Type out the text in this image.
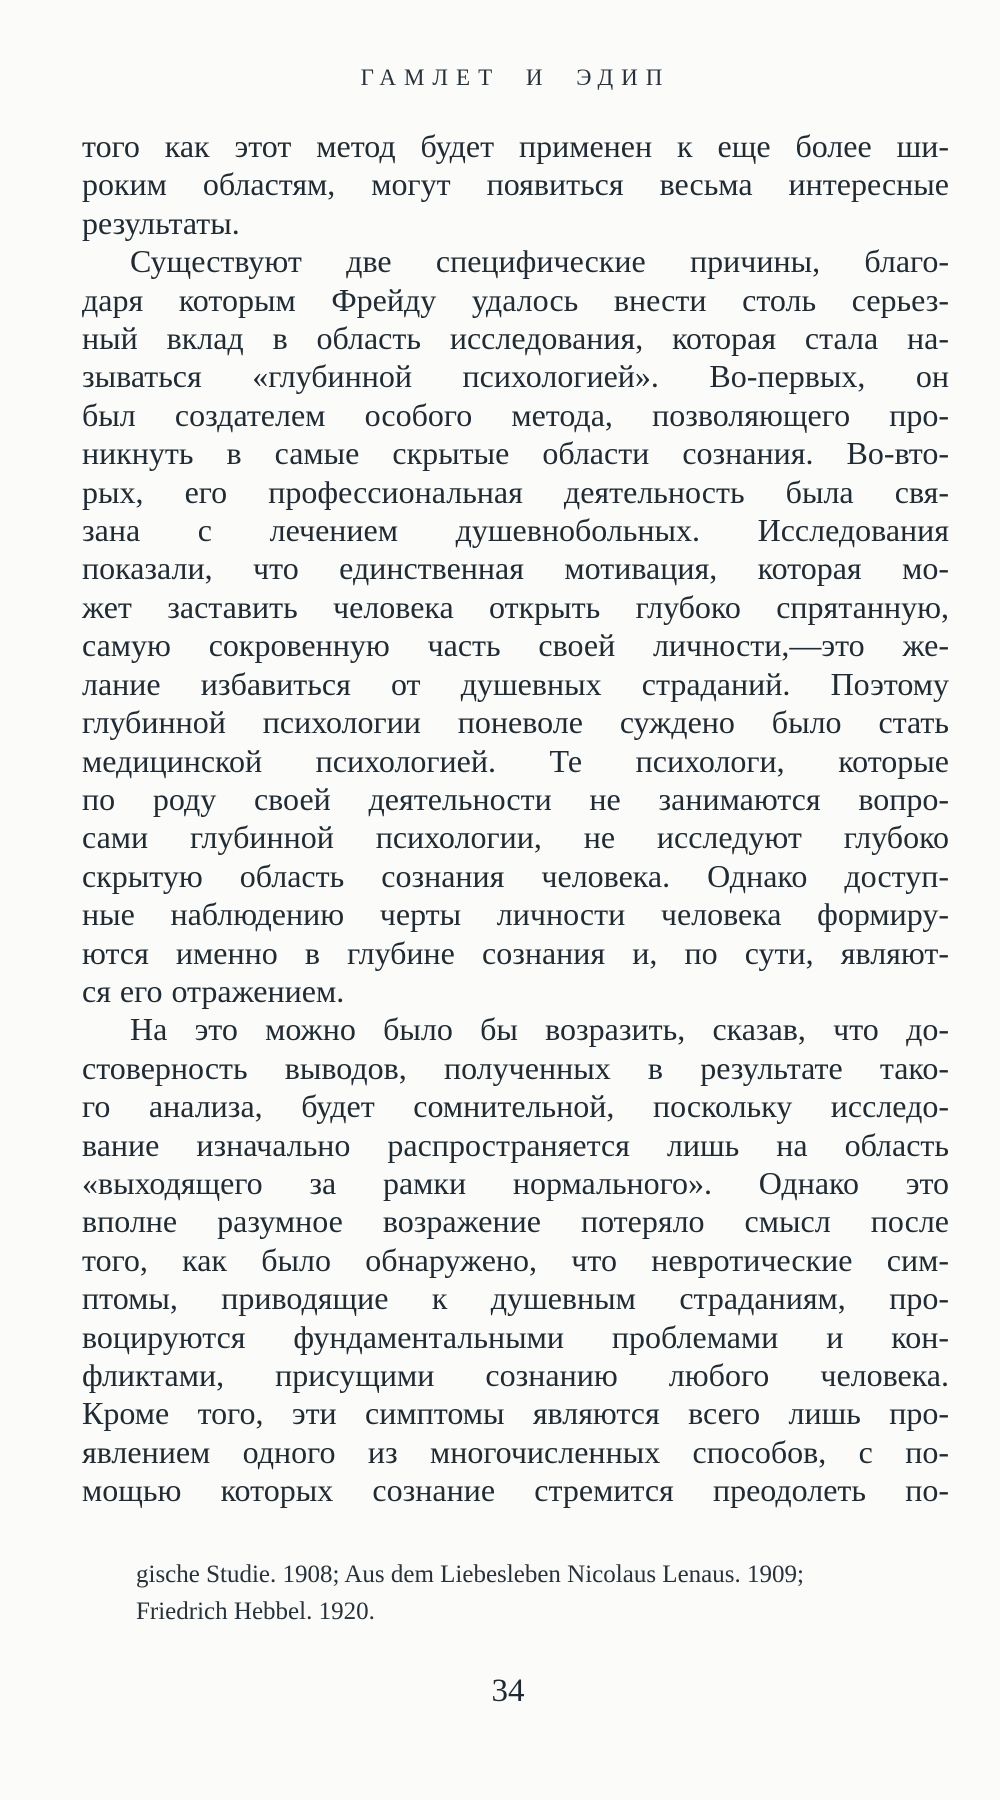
ГАМЛЕТ И ЭДИП
того как этот метод будет применен к еще более ши-
роким областям, могут появиться весьма интересные
результаты.
Существуют две специфические причины, благо-
даря которым Фрейду удалось внести столь серьез-
ный вклад в область исследования, которая стала на-
зываться «глубинной психологией». Во-первых, он
был создателем особого метода, позволяющего про-
никнуть в самые скрытые области сознания. Во-вто-
рых, его профессиональная деятельность была свя-
зана с лечением душевнобольных. Исследования
показали, что единственная мотивация, которая мо-
жет заставить человека открыть глубоко спрятанную,
самую сокровенную часть своей личности,—это же-
лание избавиться от душевных страданий. Поэтому
глубинной психологии поневоле суждено было стать
медицинской психологией. Те психологи, которые
по роду своей деятельности не занимаются вопро-
сами глубинной психологии, не исследуют глубоко
скрытую область сознания человека. Однако доступ-
ные наблюдению черты личности человека формиру-
ются именно в глубине сознания и, по сути, являют-
ся его отражением.
На это можно было бы возразить, сказав, что до-
стоверность выводов, полученных в результате тако-
го анализа, будет сомнительной, поскольку исследо-
вание изначально распространяется лишь на область
«выходящего за рамки нормального». Однако это
вполне разумное возражение потеряло смысл после
того, как было обнаружено, что невротические сим-
птомы, приводящие к душевным страданиям, про-
воцируются фундаментальными проблемами и кон-
фликтами, присущими сознанию любого человека.
Кроме того, эти симптомы являются всего лишь про-
явлением одного из многочисленных способов, с по-
мощью которых сознание стремится преодолеть по-
gische Studie. 1908; Aus dem Liebesleben Nicolaus Lenaus. 1909;
Friedrich Hebbel. 1920.
34
